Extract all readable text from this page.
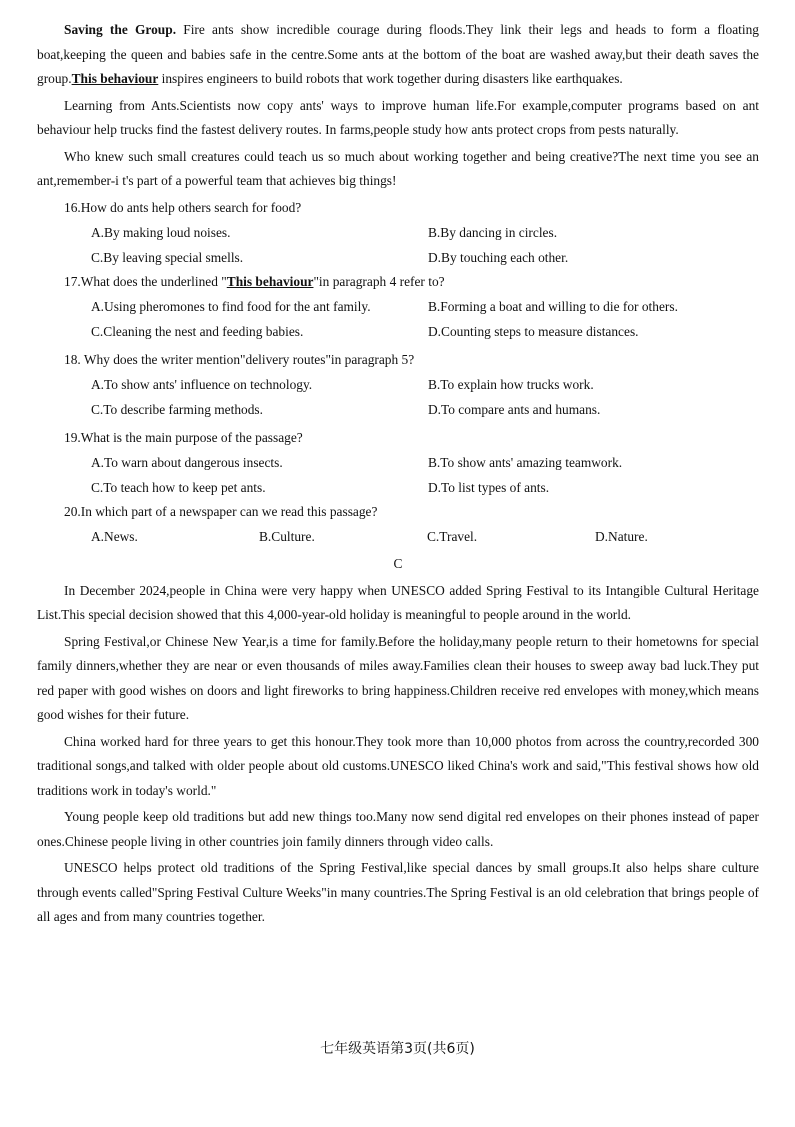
Saving the Group. Fire ants show incredible courage during floods.They link their legs and heads to form a floating boat,keeping the queen and babies safe in the centre.Some ants at the bottom of the boat are washed away,but their death saves the group.This behaviour inspires engineers to build robots that work together during disasters like earthquakes.

Learning from Ants.Scientists now copy ants' ways to improve human life.For example,computer programs based on ant behaviour help trucks find the fastest delivery routes. In farms,people study how ants protect crops from pests naturally.

Who knew such small creatures could teach us so much about working together and being creative?The next time you see an ant,remember-i t's part of a powerful team that achieves big things!

16.How do ants help others search for food?
A.By making loud noises.	B.By dancing in circles.
C.By leaving special smells.	D.By touching each other.
17.What does the underlined "This behaviour"in paragraph 4 refer to?
A.Using pheromones to find food for the ant family.	B.Forming a boat and willing to die for others.
C.Cleaning the nest and feeding babies.	D.Counting steps to measure distances.
18. Why does the writer mention"delivery routes"in paragraph 5?
A.To show ants' influence on technology.	B.To explain how trucks work.
C.To describe farming methods.	D.To compare ants and humans.
19.What is the main purpose of the passage?
A.To warn about dangerous insects.	B.To show ants' amazing teamwork.
C.To teach how to keep pet ants.	D.To list types of ants.
20.In which part of a newspaper can we read this passage?
A.News.	B.Culture.	C.Travel.	D.Nature.
C

In December 2024,people in China were very happy when UNESCO added Spring Festival to its Intangible Cultural Heritage List.This special decision showed that this 4,000-year-old holiday is meaningful to people around in the world.

Spring Festival,or Chinese New Year,is a time for family.Before the holiday,many people return to their hometowns for special family dinners,whether they are near or even thousands of miles away.Families clean their houses to sweep away bad luck.They put red paper with good wishes on doors and light fireworks to bring happiness.Children receive red envelopes with money,which means good wishes for their future.

China worked hard for three years to get this honour.They took more than 10,000 photos from across the country,recorded 300 traditional songs,and talked with older people about old customs.UNESCO liked China's work and said,"This festival shows how old traditions work in today's world."

Young people keep old traditions but add new things too.Many now send digital red envelopes on their phones instead of paper ones.Chinese people living in other countries join family dinners through video calls.

UNESCO helps protect old traditions of the Spring Festival,like special dances by small groups.It also helps share culture through events called"Spring Festival Culture Weeks"in many countries.The Spring Festival is an old celebration that brings people of all ages and from many countries together.

七年级英语第3页(共6页)
